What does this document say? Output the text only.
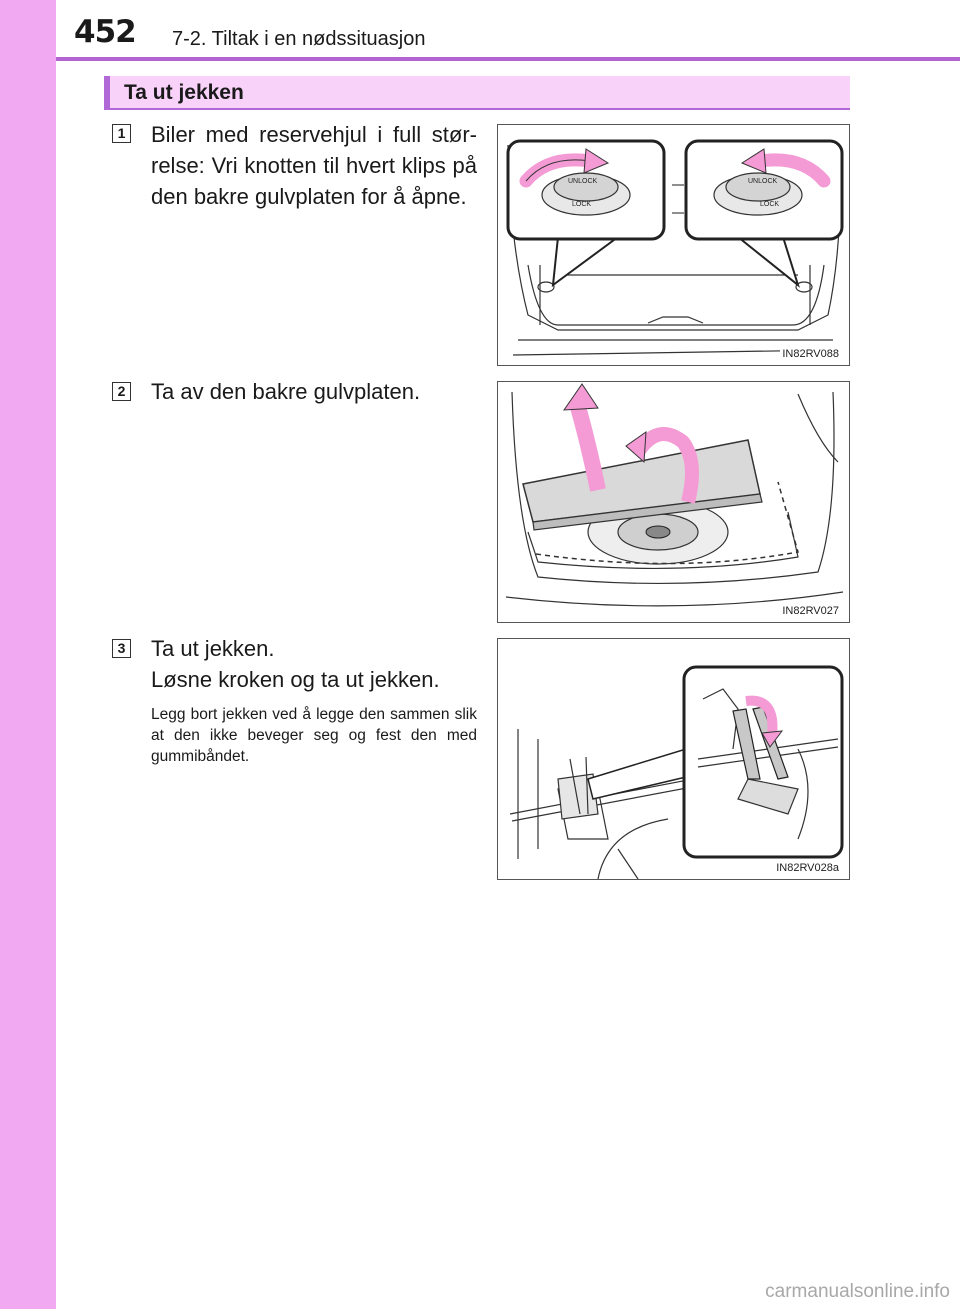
452 7-2. Tiltak i en nødssituasjon
Ta ut jekken
1 Biler med reservehjul i full stør-relse: Vri knotten til hvert klips på den bakre gulvplaten for å åpne.
UNLOCK
LOCK
UNLOCK
LOCK
IN82RV088
2 Ta av den bakre gulvplaten.
IN82RV027
3 Ta ut jekken.
Løsne kroken og ta ut jekken.
Legg bort jekken ved å legge den sammen slik at den ikke beveger seg og fest den med gummibåndet.
IN82RV028a
carmanualsonline.info
